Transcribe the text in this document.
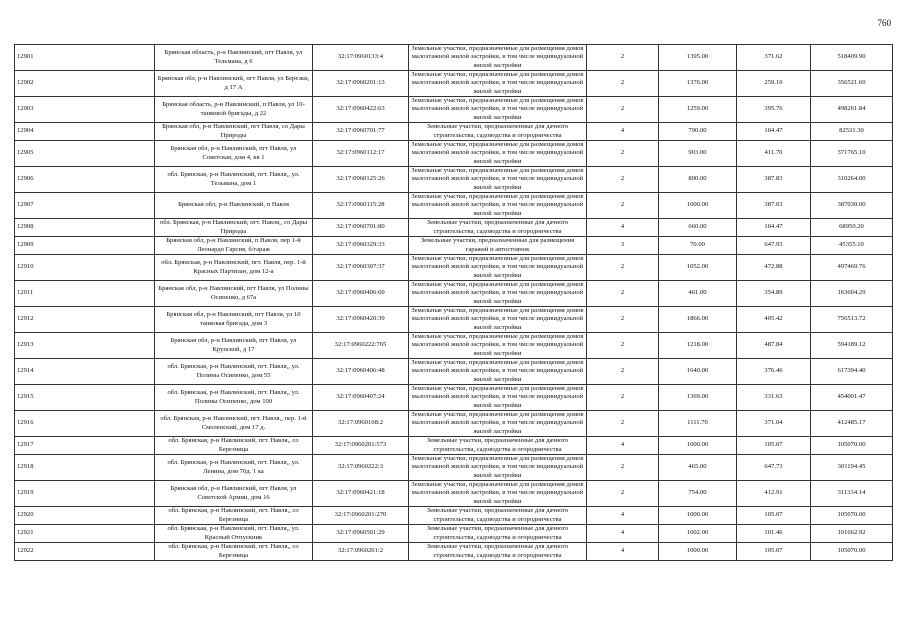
760
12901	Брянская область, р-н Навлинский, пгт Навля, ул Тельмана, д 6	32:17:0960133:4	Земельные участки, предназначенные для размещения домов малоэтажной жилой застройки, в том числе индивидуальной жилой застройки	2	1395.00	371.62	518409.90
12902	Брянская обл, р-н Навлинский, пгт Навля, ул Березки, д 17 А	32:17:0960201:13	Земельные участки, предназначенные для размещения домов малоэтажной жилой застройки, в том числе индивидуальной жилой застройки	2	1376.00	259.10	356521.60
12903	Брянская область, р-н Навлинский, п Навля, ул 10-танковой бригады, д 22	32:17:0960422:63	Земельные участки, предназначенные для размещения домов малоэтажной жилой застройки, в том числе индивидуальной жилой застройки	2	1259.00	395.76	498261.84
12904	Брянская обл, р-н Навлинский, пгт Навля, со Дары Природы	32:17:0960701:77	Земельные участки, предназначенные для дачного строительства, садоводства и огородничества	4	790.00	104.47	82531.30
12905	Брянская обл, р-н Навлинский, пгт Навля, ул Советская, дом 4, кв 1	32:17:0960112:17	Земельные участки, предназначенные для размещения домов малоэтажной жилой застройки, в том числе индивидуальной жилой застройки	2	903.00	411.70	371765.10
12906	обл. Брянская, р-н Навлинский, пгт. Навля,, ул. Тельмана, дом 1	32:17:0960125:26	Земельные участки, предназначенные для размещения домов малоэтажной жилой застройки, в том числе индивидуальной жилой застройки	2	800.00	387.83	310264.00
12907	Брянская обл, р-н Навлинский, п Навля	32:17:0960115:28	Земельные участки, предназначенные для размещения домов малоэтажной жилой застройки, в том числе индивидуальной жилой застройки	2	1000.00	387.03	387030.00
12908	обл. Брянская, р-н Навлинский, пгт. Навля,, со Дары Природы	32:17:0960701:80	Земельные участки, предназначенные для дачного строительства, садоводства и огородничества	4	660.00	104.47	68950.20
12909	Брянская обл, р-н Навлинский, п Навля, пер 1-й Леонардо Гарсия, б/гараж	32:17:0960329:33	Земельные участки, предназначенные для размещения гаражей и автостоянок	3	70.00	647.93	45355.10
12910	обл. Брянская, р-н Навлинский, пгт. Навля, пер. 1-й Красных Партизан, дом 12-а	32:17:0960307:37	Земельные участки, предназначенные для размещения домов малоэтажной жилой застройки, в том числе индивидуальной жилой застройки	2	1052.00	472.88	497469.76
12911	Брянская обл, р-н Навлинский, пгт Навля, ул Полины Осипенко, д 67а	32:17:0960406:60	Земельные участки, предназначенные для размещения домов малоэтажной жилой застройки, в том числе индивидуальной жилой застройки	2	461.00	354.89	163604.29
12912	Брянская обл, р-н Навлинский, пгт Навля, ул 10 танковая бригада, дом 3	32:17:0960420:39	Земельные участки, предназначенные для размещения домов малоэтажной жилой застройки, в том числе индивидуальной жилой застройки	2	1866.00	405.42	756513.72
12913	Брянская обл, р-н Навлинский, пгт Навля, ул Крупской, д 17	32:17:0960222:765	Земельные участки, предназначенные для размещения домов малоэтажной жилой застройки, в том числе индивидуальной жилой застройки	2	1218.00	487.84	594189.12
12914	обл. Брянская, р-н Навлинский, пгт. Навля,, ул. Полины Осипенко, дом 55	32:17:0960406:48	Земельные участки, предназначенные для размещения домов малоэтажной жилой застройки, в том числе индивидуальной жилой застройки	2	1640.00	376.46	617394.40
12915	обл. Брянская, р-н Навлинский, пгт. Навля,, ул. Полины Осипенко, дом 100	32:17:0960407:24	Земельные участки, предназначенные для размещения домов малоэтажной жилой застройки, в том числе индивидуальной жилой застройки	2	1369.00	331.63	454001.47
12916	обл. Брянская, р-н Навлинский, пгт. Навля,, пер. 1-й Смоленский, дом 17 д.	32:17:0960108:2	Земельные участки, предназначенные для размещения домов малоэтажной жилой застройки, в том числе индивидуальной жилой застройки	2	1111.70	371.04	412485.17
12917	обл. Брянская, р-н Навлинский, пгт. Навля,, со Березница	32:17:0960201:573	Земельные участки, предназначенные для дачного строительства, садоводства и огородничества	4	1000.00	105.07	105070.00
12918	обл. Брянская, р-н Навлинский, пгт. Навля,, ул. Ленина, дом 70д. 1 ка	32:17:0960222:3	Земельные участки, предназначенные для размещения домов малоэтажной жилой застройки, в том числе индивидуальной жилой застройки	2	465.00	647.73	301194.45
12919	Брянская обл, р-н Навлинский, пгт Навля, ул Советской Армии, дом 16	32:17:0960421:18	Земельные участки, предназначенные для размещения домов малоэтажной жилой застройки, в том числе индивидуальной жилой застройки	2	754.00	412.91	311334.14
12920	обл. Брянская, р-н Навлинский, пгт. Навля,, со Березница	32:17:0960201:270	Земельные участки, предназначенные для дачного строительства, садоводства и огородничества	4	1000.00	105.07	105070.00
12921	обл. Брянская, р-н Навлинский, пгт. Навля,, ул. Красный Отпускник	32:17:0960501:29	Земельные участки, предназначенные для дачного строительства, садоводства и огородничества	4	1002.00	101.46	101662.92
12922	обл. Брянская, р-н Навлинский, пгт. Навля,, со Березница	32:17:0960201:2	Земельные участки, предназначенные для дачного строительства, садоводства и огородничества	4	1000.00	105.07	105070.00
